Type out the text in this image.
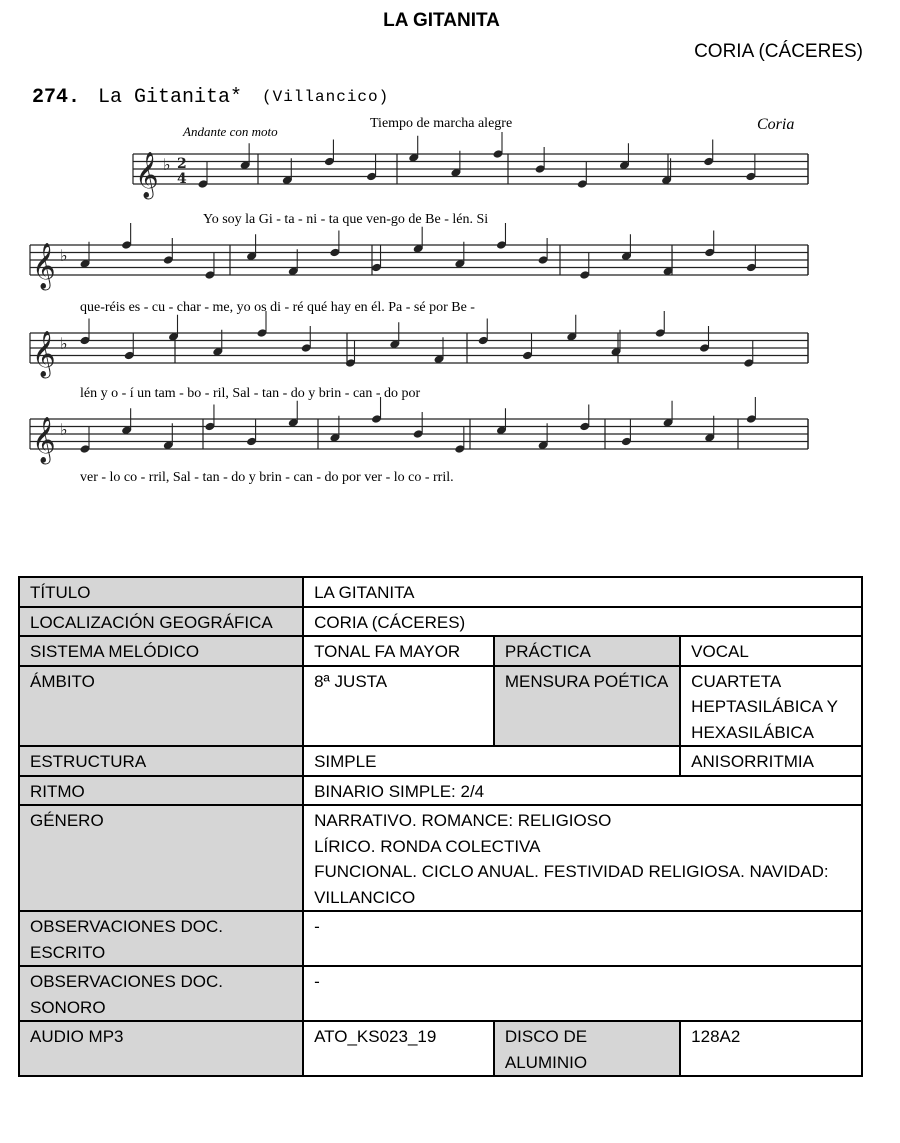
LA GITANITA
CORIA (CÁCERES)
274. La Gitanita* (Villancico)
Andante con moto
Tiempo de marcha alegre	Coria
𝄞 ♭ 2
4
𝄞 ♭
𝄞 ♭
𝄞 ♭
Yo soy la Gi - ta - ni - ta que ven-go de Be - lén. Si
que-réis es - cu - char - me, yo os di - ré qué hay en él. Pa - sé por Be -
lén y o - í un tam - bo - ril, Sal - tan - do y brin - can - do por
ver - lo co - rril, Sal - tan - do y brin - can - do por ver - lo co - rril.
TÍTULO	LA GITANITA		
LOCALIZACIÓN GEOGRÁFICA	CORIA (CÁCERES)		
SISTEMA MELÓDICO	TONAL FA MAYOR	PRÁCTICA	VOCAL
ÁMBITO	8ª JUSTA	MENSURA POÉTICA	CUARTETA HEPTASILÁBICA Y HEXASILÁBICA
ESTRUCTURA	SIMPLE		ANISORRITMIA
RITMO	BINARIO SIMPLE: 2/4		
GÉNERO	NARRATIVO. ROMANCE: RELIGIOSO
LÍRICO. RONDA COLECTIVA
FUNCIONAL. CICLO ANUAL. FESTIVIDAD RELIGIOSA. NAVIDAD: VILLANCICO		

OBSERVACIONES DOC. ESCRITO	-		
OBSERVACIONES DOC. SONORO	-		
AUDIO MP3	ATO_KS023_19	DISCO DE ALUMINIO	128A2
